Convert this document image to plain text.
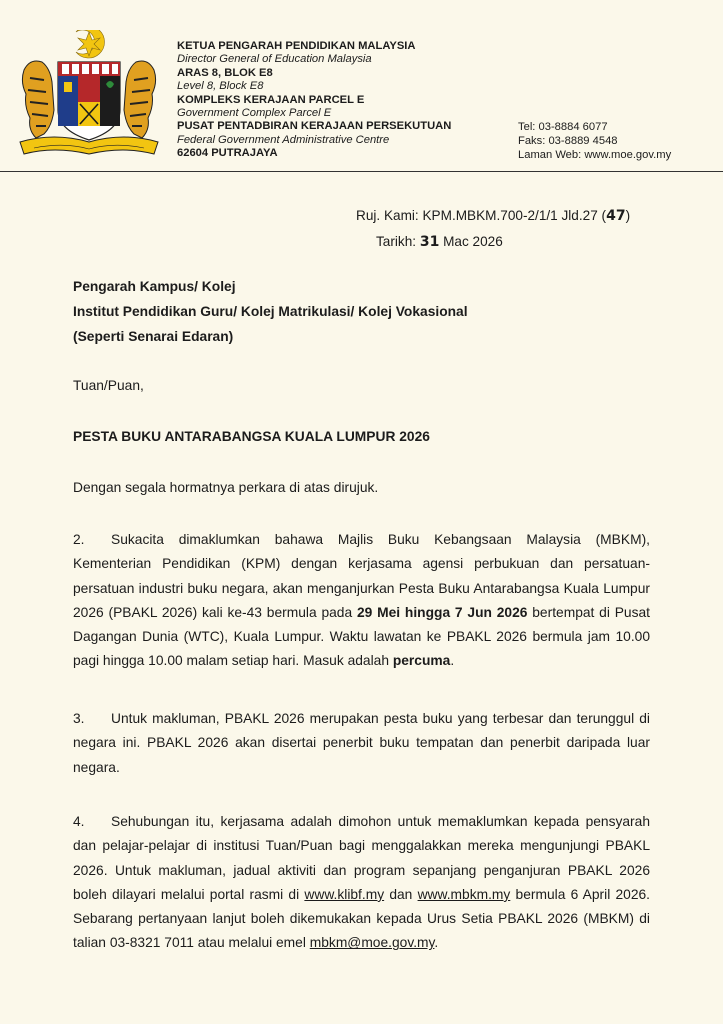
KETUA PENGARAH PENDIDIKAN MALAYSIA
Director General of Education Malaysia
ARAS 8, BLOK E8
Level 8, Block E8
KOMPLEKS KERAJAAN PARCEL E
Government Complex Parcel E
PUSAT PENTADBIRAN KERAJAAN PERSEKUTUAN
Federal Government Administrative Centre
62604 PUTRAJAYA
Tel: 03-8884 6077
Faks: 03-8889 4548
Laman Web: www.moe.gov.my
Ruj. Kami: KPM.MBKM.700-2/1/1 Jld.27 (47)
Tarikh: 31 Mac 2026
Pengarah Kampus/ Kolej
Institut Pendidikan Guru/ Kolej Matrikulasi/ Kolej Vokasional
(Seperti Senarai Edaran)
Tuan/Puan,
PESTA BUKU ANTARABANGSA KUALA LUMPUR 2026
Dengan segala hormatnya perkara di atas dirujuk.
2. Sukacita dimaklumkan bahawa Majlis Buku Kebangsaan Malaysia (MBKM), Kementerian Pendidikan (KPM) dengan kerjasama agensi perbukuan dan persatuan-persatuan industri buku negara, akan menganjurkan Pesta Buku Antarabangsa Kuala Lumpur 2026 (PBAKL 2026) kali ke-43 bermula pada 29 Mei hingga 7 Jun 2026 bertempat di Pusat Dagangan Dunia (WTC), Kuala Lumpur. Waktu lawatan ke PBAKL 2026 bermula jam 10.00 pagi hingga 10.00 malam setiap hari. Masuk adalah percuma.
3. Untuk makluman, PBAKL 2026 merupakan pesta buku yang terbesar dan terunggul di negara ini. PBAKL 2026 akan disertai penerbit buku tempatan dan penerbit daripada luar negara.
4. Sehubungan itu, kerjasama adalah dimohon untuk memaklumkan kepada pensyarah dan pelajar-pelajar di institusi Tuan/Puan bagi menggalakkan mereka mengunjungi PBAKL 2026. Untuk makluman, jadual aktiviti dan program sepanjang penganjuran PBAKL 2026 boleh dilayari melalui portal rasmi di www.klibf.my dan www.mbkm.my bermula 6 April 2026. Sebarang pertanyaan lanjut boleh dikemukakan kepada Urus Setia PBAKL 2026 (MBKM) di talian 03-8321 7011 atau melalui emel mbkm@moe.gov.my.
